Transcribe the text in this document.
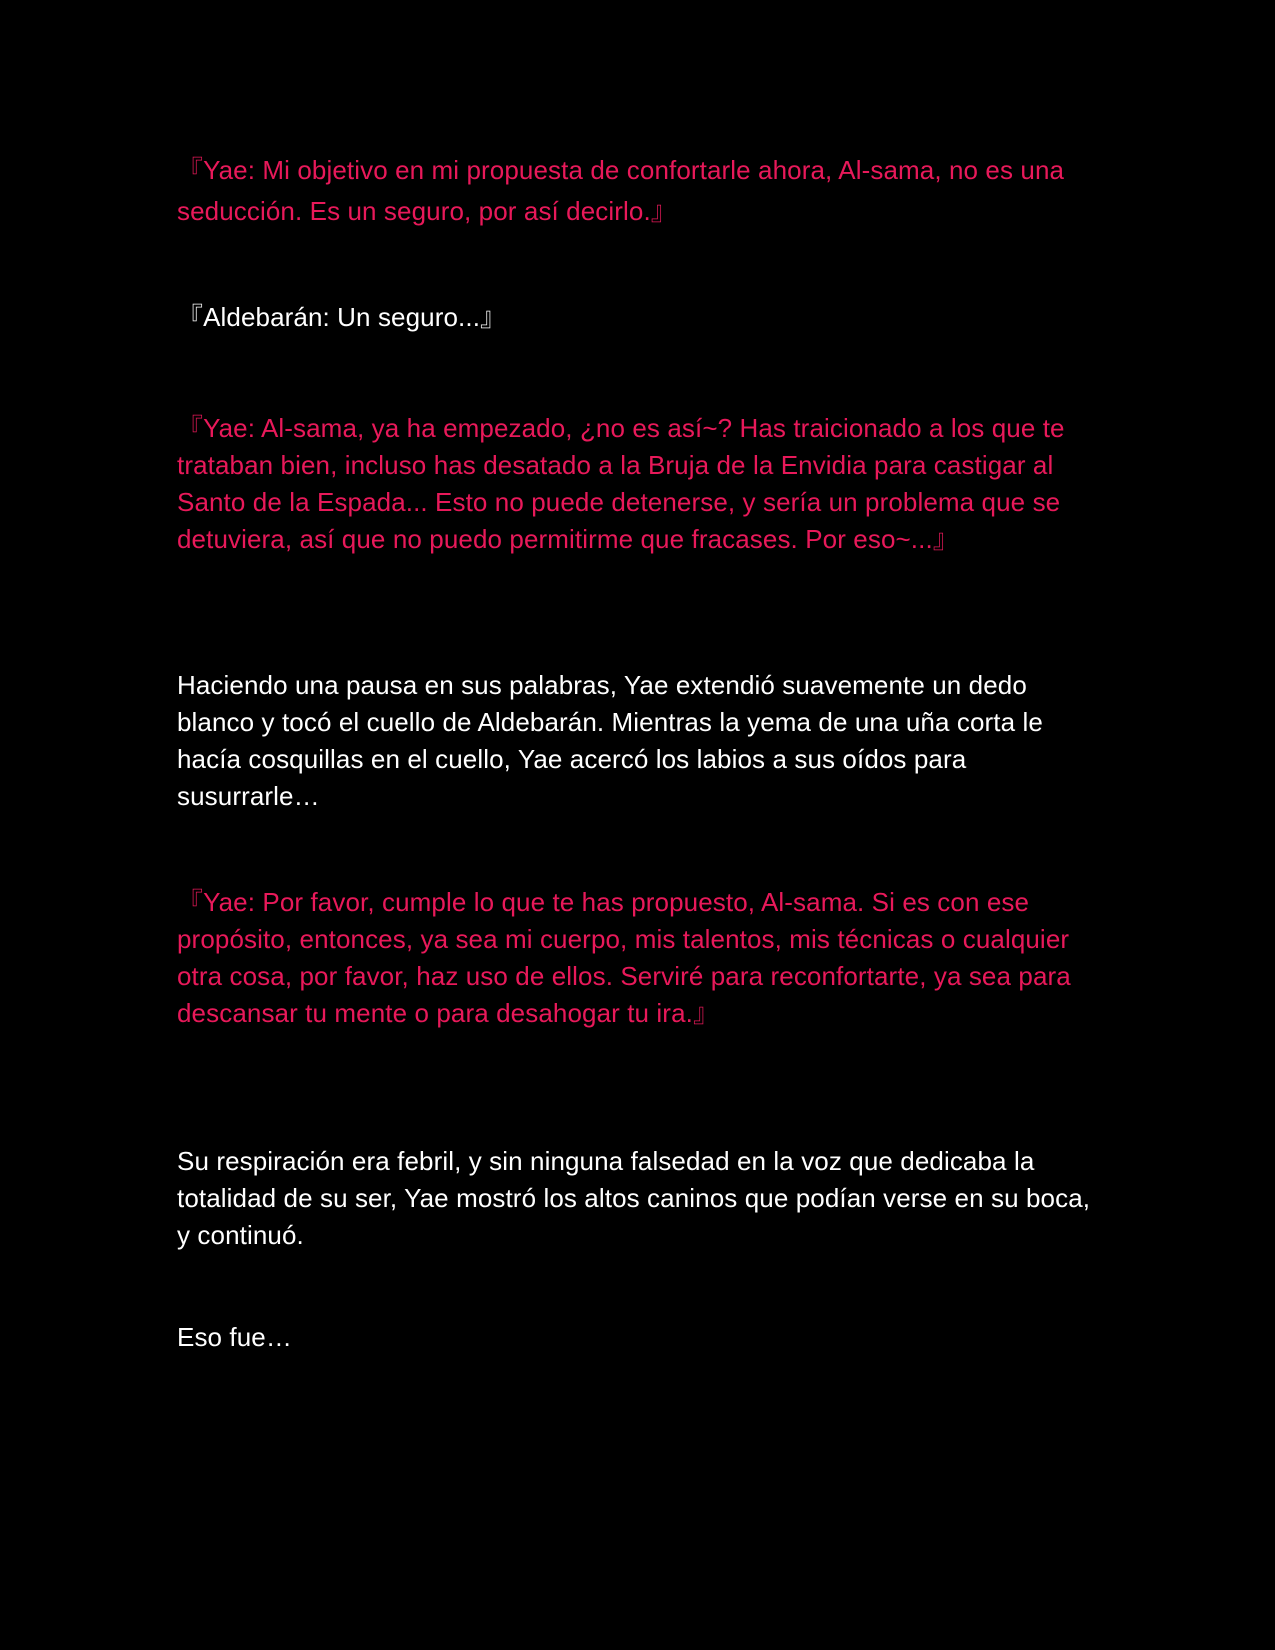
『Yae: Mi objetivo en mi propuesta de confortarle ahora, Al-sama, no es una seducción. Es un seguro, por así decirlo.』

『Aldebarán: Un seguro...』

『Yae: Al-sama, ya ha empezado, ¿no es así~? Has traicionado a los que te trataban bien, incluso has desatado a la Bruja de la Envidia para castigar al Santo de la Espada... Esto no puede detenerse, y sería un problema que se detuviera, así que no puedo permitirme que fracases. Por eso~...』

Haciendo una pausa en sus palabras, Yae extendió suavemente un dedo blanco y tocó el cuello de Aldebarán. Mientras la yema de una uña corta le hacía cosquillas en el cuello, Yae acercó los labios a sus oídos para susurrarle…

『Yae: Por favor, cumple lo que te has propuesto, Al-sama. Si es con ese propósito, entonces, ya sea mi cuerpo, mis talentos, mis técnicas o cualquier otra cosa, por favor, haz uso de ellos. Serviré para reconfortarte, ya sea para descansar tu mente o para desahogar tu ira.』

Su respiración era febril, y sin ninguna falsedad en la voz que dedicaba la totalidad de su ser, Yae mostró los altos caninos que podían verse en su boca, y continuó.

Eso fue…
